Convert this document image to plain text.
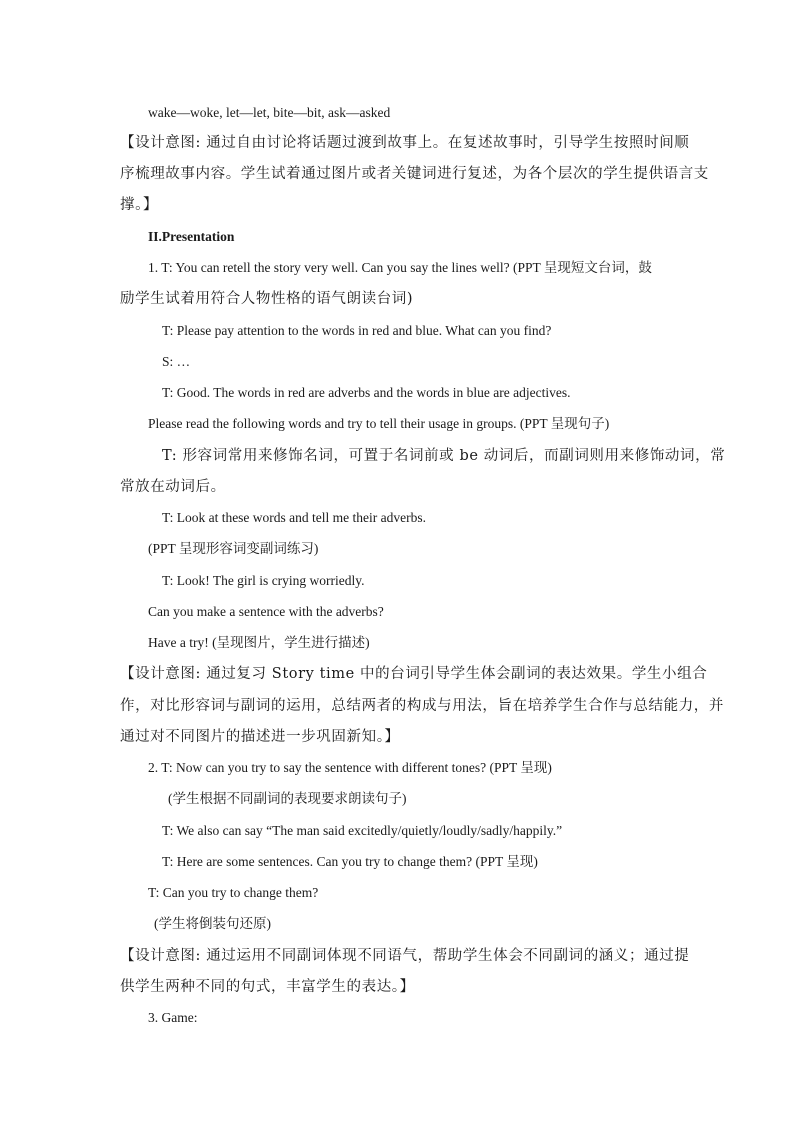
wake—woke, let—let, bite—bit, ask—asked
【设计意图: 通过自由讨论将话题过渡到故事上。在复述故事时，引导学生按照时间顺
序梳理故事内容。学生试着通过图片或者关键词进行复述，为各个层次的学生提供语言支
撑。】
II.Presentation
1. T: You can retell the story very well. Can you say the lines well? (PPT 呈现短文台词，鼓
励学生试着用符合人物性格的语气朗读台词)
T: Please pay attention to the words in red and blue. What can you find?
S: …
T: Good. The words in red are adverbs and the words in blue are adjectives.
Please read the following words and try to tell their usage in groups. (PPT 呈现句子)
T: 形容词常用来修饰名词，可置于名词前或 be 动词后，而副词则用来修饰动词，常
常放在动词后。
T: Look at these words and tell me their adverbs.
(PPT 呈现形容词变副词练习)
T: Look! The girl is crying worriedly.
Can you make a sentence with the adverbs?
Have a try! (呈现图片，学生进行描述)
【设计意图: 通过复习 Story time 中的台词引导学生体会副词的表达效果。学生小组合
作，对比形容词与副词的运用，总结两者的构成与用法，旨在培养学生合作与总结能力，并
通过对不同图片的描述进一步巩固新知。】
2. T: Now can you try to say the sentence with different tones? (PPT 呈现)
(学生根据不同副词的表现要求朗读句子)
T: We also can say “The man said excitedly/quietly/loudly/sadly/happily.”
T: Here are some sentences. Can you try to change them? (PPT 呈现)
T: Can you try to change them?
(学生将倒装句还原)
【设计意图: 通过运用不同副词体现不同语气，帮助学生体会不同副词的涵义；通过提
供学生两种不同的句式，丰富学生的表达。】
3. Game:
